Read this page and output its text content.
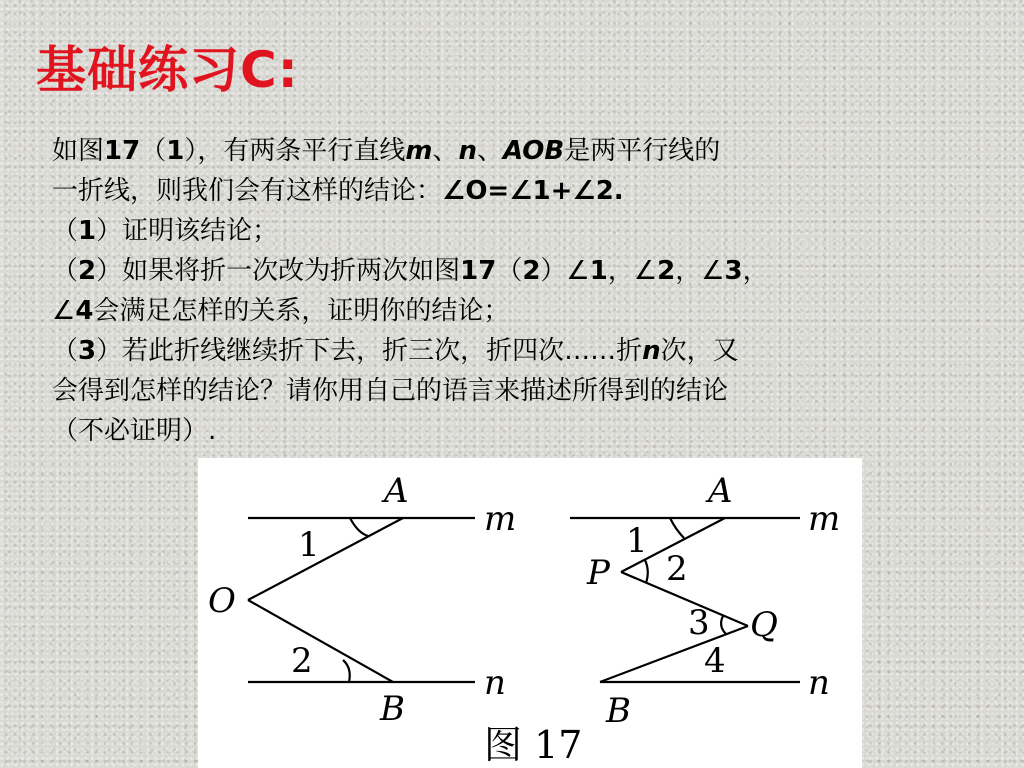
基础练习C:
如图17（1），有两条平行直线m、n、AOB是两平行线的
一折线，则我们会有这样的结论：∠O=∠1+∠2.
（1）证明该结论；
（2）如果将折一次改为折两次如图17（2）∠1，∠2，∠3，
∠4会满足怎样的关系，证明你的结论；
（3）若此折线继续折下去，折三次，折四次……折n次，又
会得到怎样的结论？请你用自己的语言来描述所得到的结论
（不必证明）.
A
m
1
O
2
n
B
A
m
1
P 2
3 Q
4
n
B
图 17
